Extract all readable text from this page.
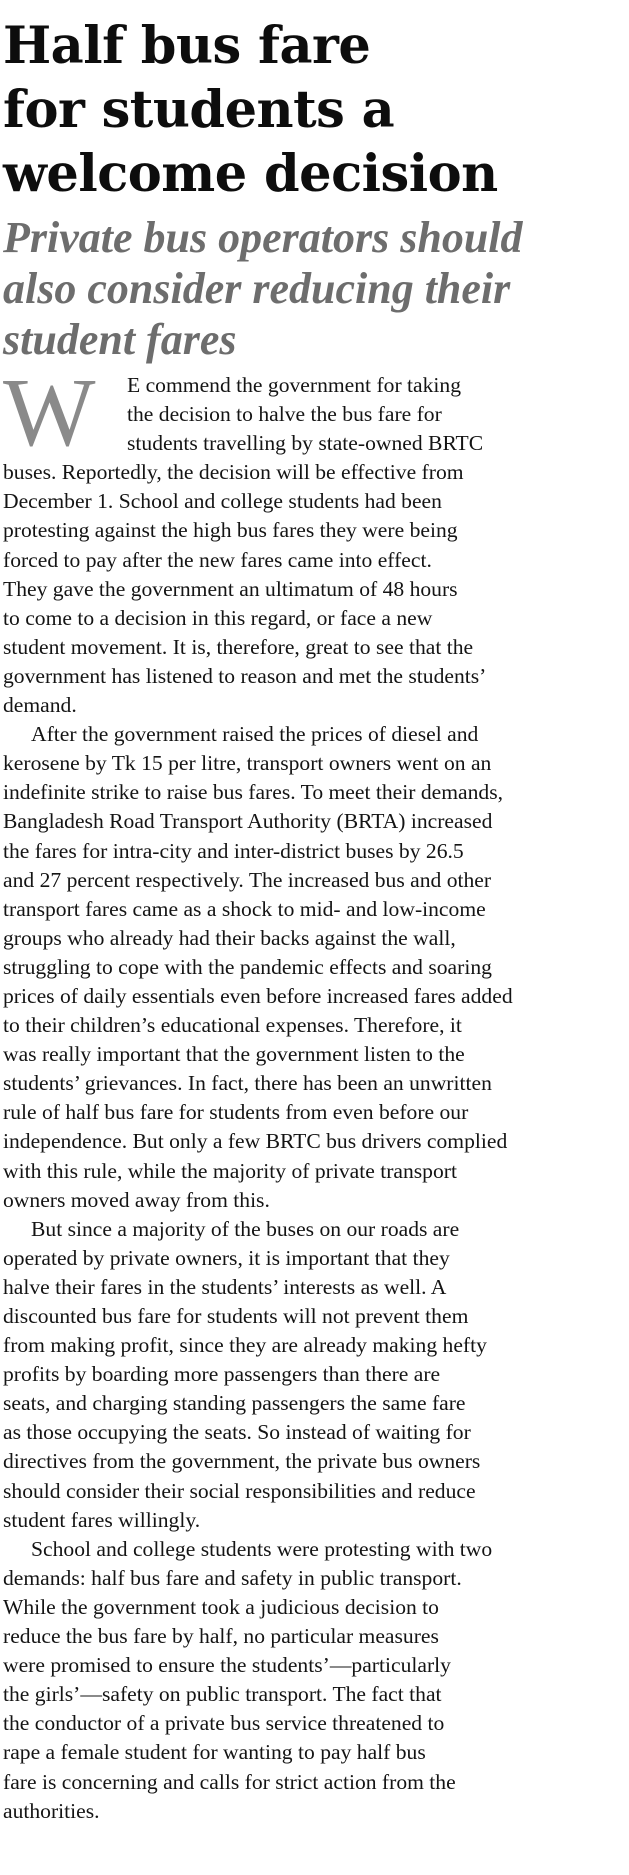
Half bus fare
for students a
welcome decision
Private bus operators should
also consider reducing their
student fares
W	E commend the government for taking
the decision to halve the bus fare for
students travelling by state-owned BRTC
buses. Reportedly, the decision will be effective from
December 1. School and college students had been
protesting against the high bus fares they were being
forced to pay after the new fares came into effect.
They gave the government an ultimatum of 48 hours
to come to a decision in this regard, or face a new
student movement. It is, therefore, great to see that the
government has listened to reason and met the students’
demand.
After the government raised the prices of diesel and
kerosene by Tk 15 per litre, transport owners went on an
indefinite strike to raise bus fares. To meet their demands,
Bangladesh Road Transport Authority (BRTA) increased
the fares for intra-city and inter-district buses by 26.5
and 27 percent respectively. The increased bus and other
transport fares came as a shock to mid- and low-income
groups who already had their backs against the wall,
struggling to cope with the pandemic effects and soaring
prices of daily essentials even before increased fares added
to their children’s educational expenses. Therefore, it
was really important that the government listen to the
students’ grievances. In fact, there has been an unwritten
rule of half bus fare for students from even before our
independence. But only a few BRTC bus drivers complied
with this rule, while the majority of private transport
owners moved away from this.
But since a majority of the buses on our roads are
operated by private owners, it is important that they
halve their fares in the students’ interests as well. A
discounted bus fare for students will not prevent them
from making profit, since they are already making hefty
profits by boarding more passengers than there are
seats, and charging standing passengers the same fare
as those occupying the seats. So instead of waiting for
directives from the government, the private bus owners
should consider their social responsibilities and reduce
student fares willingly.
School and college students were protesting with two
demands: half bus fare and safety in public transport.
While the government took a judicious decision to
reduce the bus fare by half, no particular measures
were promised to ensure the students’—particularly
the girls’—safety on public transport. The fact that
the conductor of a private bus service threatened to
rape a female student for wanting to pay half bus
fare is concerning and calls for strict action from the
authorities.
